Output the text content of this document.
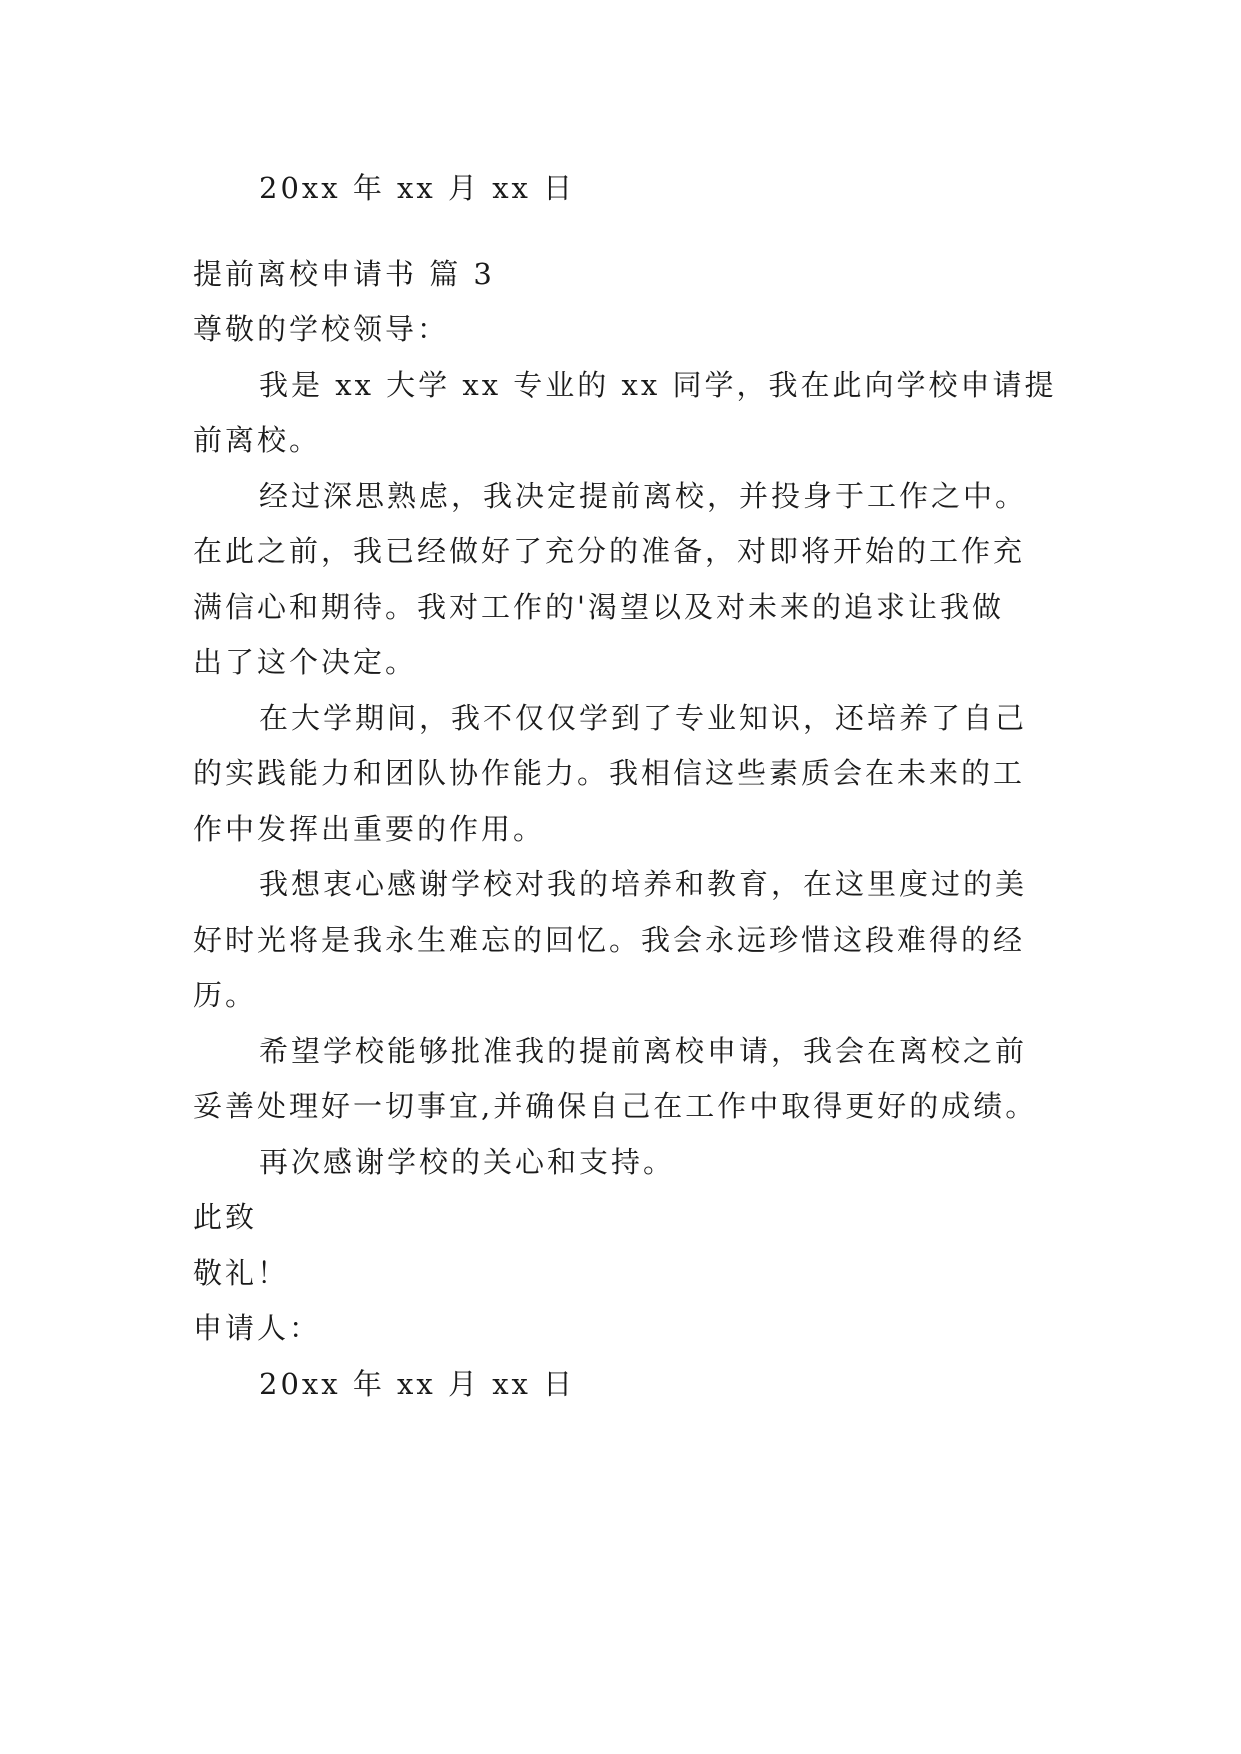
20xx 年 xx 月 xx 日
提前离校申请书 篇 3
尊敬的学校领导：
我是 xx 大学 xx 专业的 xx 同学，我在此向学校申请提
前离校。
经过深思熟虑，我决定提前离校，并投身于工作之中。
在此之前，我已经做好了充分的准备，对即将开始的工作充
满信心和期待。我对工作的'渴望以及对未来的追求让我做
出了这个决定。
在大学期间，我不仅仅学到了专业知识，还培养了自己
的实践能力和团队协作能力。我相信这些素质会在未来的工
作中发挥出重要的作用。
我想衷心感谢学校对我的培养和教育，在这里度过的美
好时光将是我永生难忘的回忆。我会永远珍惜这段难得的经
历。
希望学校能够批准我的提前离校申请，我会在离校之前
妥善处理好一切事宜,并确保自己在工作中取得更好的成绩。
再次感谢学校的关心和支持。
此致
敬礼！
申请人：
20xx 年 xx 月 xx 日
